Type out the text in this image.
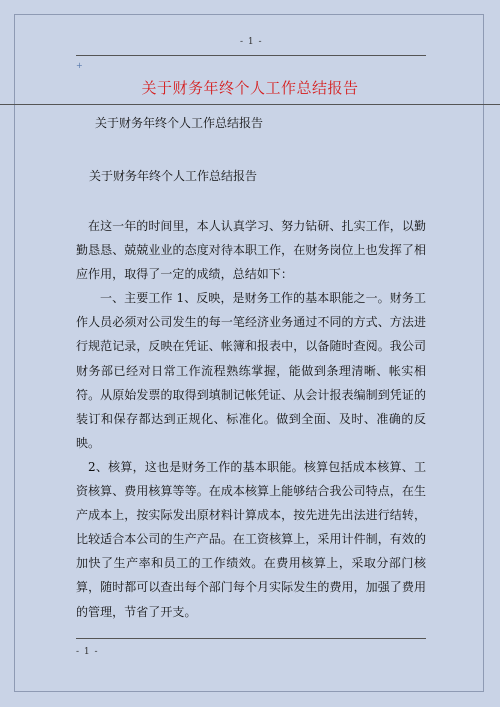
- 1 -
+
关于财务年终个人工作总结报告
关于财务年终个人工作总结报告
关于财务年终个人工作总结报告

在这一年的时间里，本人认真学习、努力钻研、扎实工作，以勤勤恳恳、兢兢业业的态度对待本职工作，在财务岗位上也发挥了相应作用，取得了一定的成绩，总结如下：

一、主要工作 1、反映，是财务工作的基本职能之一。财务工作人员必须对公司发生的每一笔经济业务通过不同的方式、方法进行规范记录，反映在凭证、帐簿和报表中，以备随时查阅。我公司财务部已经对日常工作流程熟练掌握，能做到条理清晰、帐实相符。从原始发票的取得到填制记帐凭证、从会计报表编制到凭证的装订和保存都达到正规化、标准化。做到全面、及时、准确的反映。

2、核算，这也是财务工作的基本职能。核算包括成本核算、工资核算、费用核算等等。在成本核算上能够结合我公司特点，在生产成本上，按实际发出原材料计算成本，按先进先出法进行结转，比较适合本公司的生产产品。在工资核算上，采用计件制，有效的加快了生产率和员工的工作绩效。在费用核算上，采取分部门核算，随时都可以查出每个部门每个月实际发生的费用，加强了费用的管理，节省了开支。

- 1 -
